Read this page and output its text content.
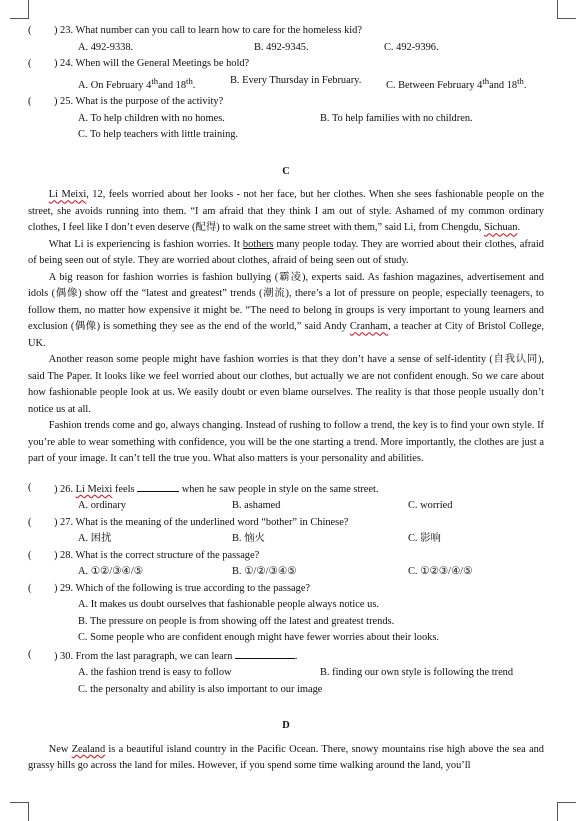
(	) 23. What number can you call to learn how to care for the homeless kid?
A. 492-9338.	B. 492-9345.	C. 492-9396.
(	) 24. When will the General Meetings be hold?
A. On February 4thand 18th.	B. Every Thursday in February.	C. Between February 4thand 18th.
(	) 25. What is the purpose of the activity?
A. To help children with no homes.	B. To help families with no children.
C. To help teachers with little training.
C

Li Meixi, 12, feels worried about her looks - not her face, but her clothes. When she sees fashionable people on the street, she avoids running into them. “I am afraid that they think I am out of style. Ashamed of my common ordinary clothes, I feel like I don’t even deserve (配得) to walk on the same street with them,” said Li, from Chengdu, Sichuan.

What Li is experiencing is fashion worries. It bothers many people today. They are worried about their clothes, afraid of being seen out of style. They are worried about clothes, afraid of being seen out of study.

A big reason for fashion worries is fashion bullying (霸凌), experts said. As fashion magazines, advertisement and idols (偶像) show off the “latest and greatest” trends (潮流), there’s a lot of pressure on people, especially teenagers, to follow them, no matter how expensive it might be. “The need to belong in groups is very important to young learners and exclusion (偶像) is something they see as the end of the world,” said Andy Cranham, a teacher at City of Bristol College, UK.

Another reason some people might have fashion worries is that they don’t have a sense of self-identity (自我认同), said The Paper. It looks like we feel worried about our clothes, but actually we are not confident enough. So we care about how fashionable people look at us. We easily doubt or even blame ourselves. The reality is that those people usually don’t notice us at all.

Fashion trends come and go, always changing. Instead of rushing to follow a trend, the key is to find your own style. If you’re able to wear something with confidence, you will be the one starting a trend. More importantly, the clothes are just a part of your image. It can’t tell the true you. What also matters is your personality and abilities.

(	) 26. Li Meixi feels	when he saw people in style on the same street.
A. ordinary	B. ashamed	C. worried
(	) 27. What is the meaning of the underlined word “bother” in Chinese?
A. 困扰	B. 恼火	C. 影响
(	) 28. What is the correct structure of the passage?
A. ①②/③④/⑤	B. ①/②/③④⑤	C. ①②③/④/⑤
(	) 29. Which of the following is true according to the passage?
A. It makes us doubt ourselves that fashionable people always notice us.
B. The pressure on people is from showing off the latest and greatest trends.
C. Some people who are confident enough might have fewer worries about their looks.
(	) 30. From the last paragraph, we can learn	.
A. the fashion trend is easy to follow	B. finding our own style is following the trend
C. the personalty and ability is also important to our image
D

New Zealand is a beautiful island country in the Pacific Ocean. There, snowy mountains rise high above the sea and grassy hills go across the land for miles. However, if you spend some time walking around the land, you’ll
